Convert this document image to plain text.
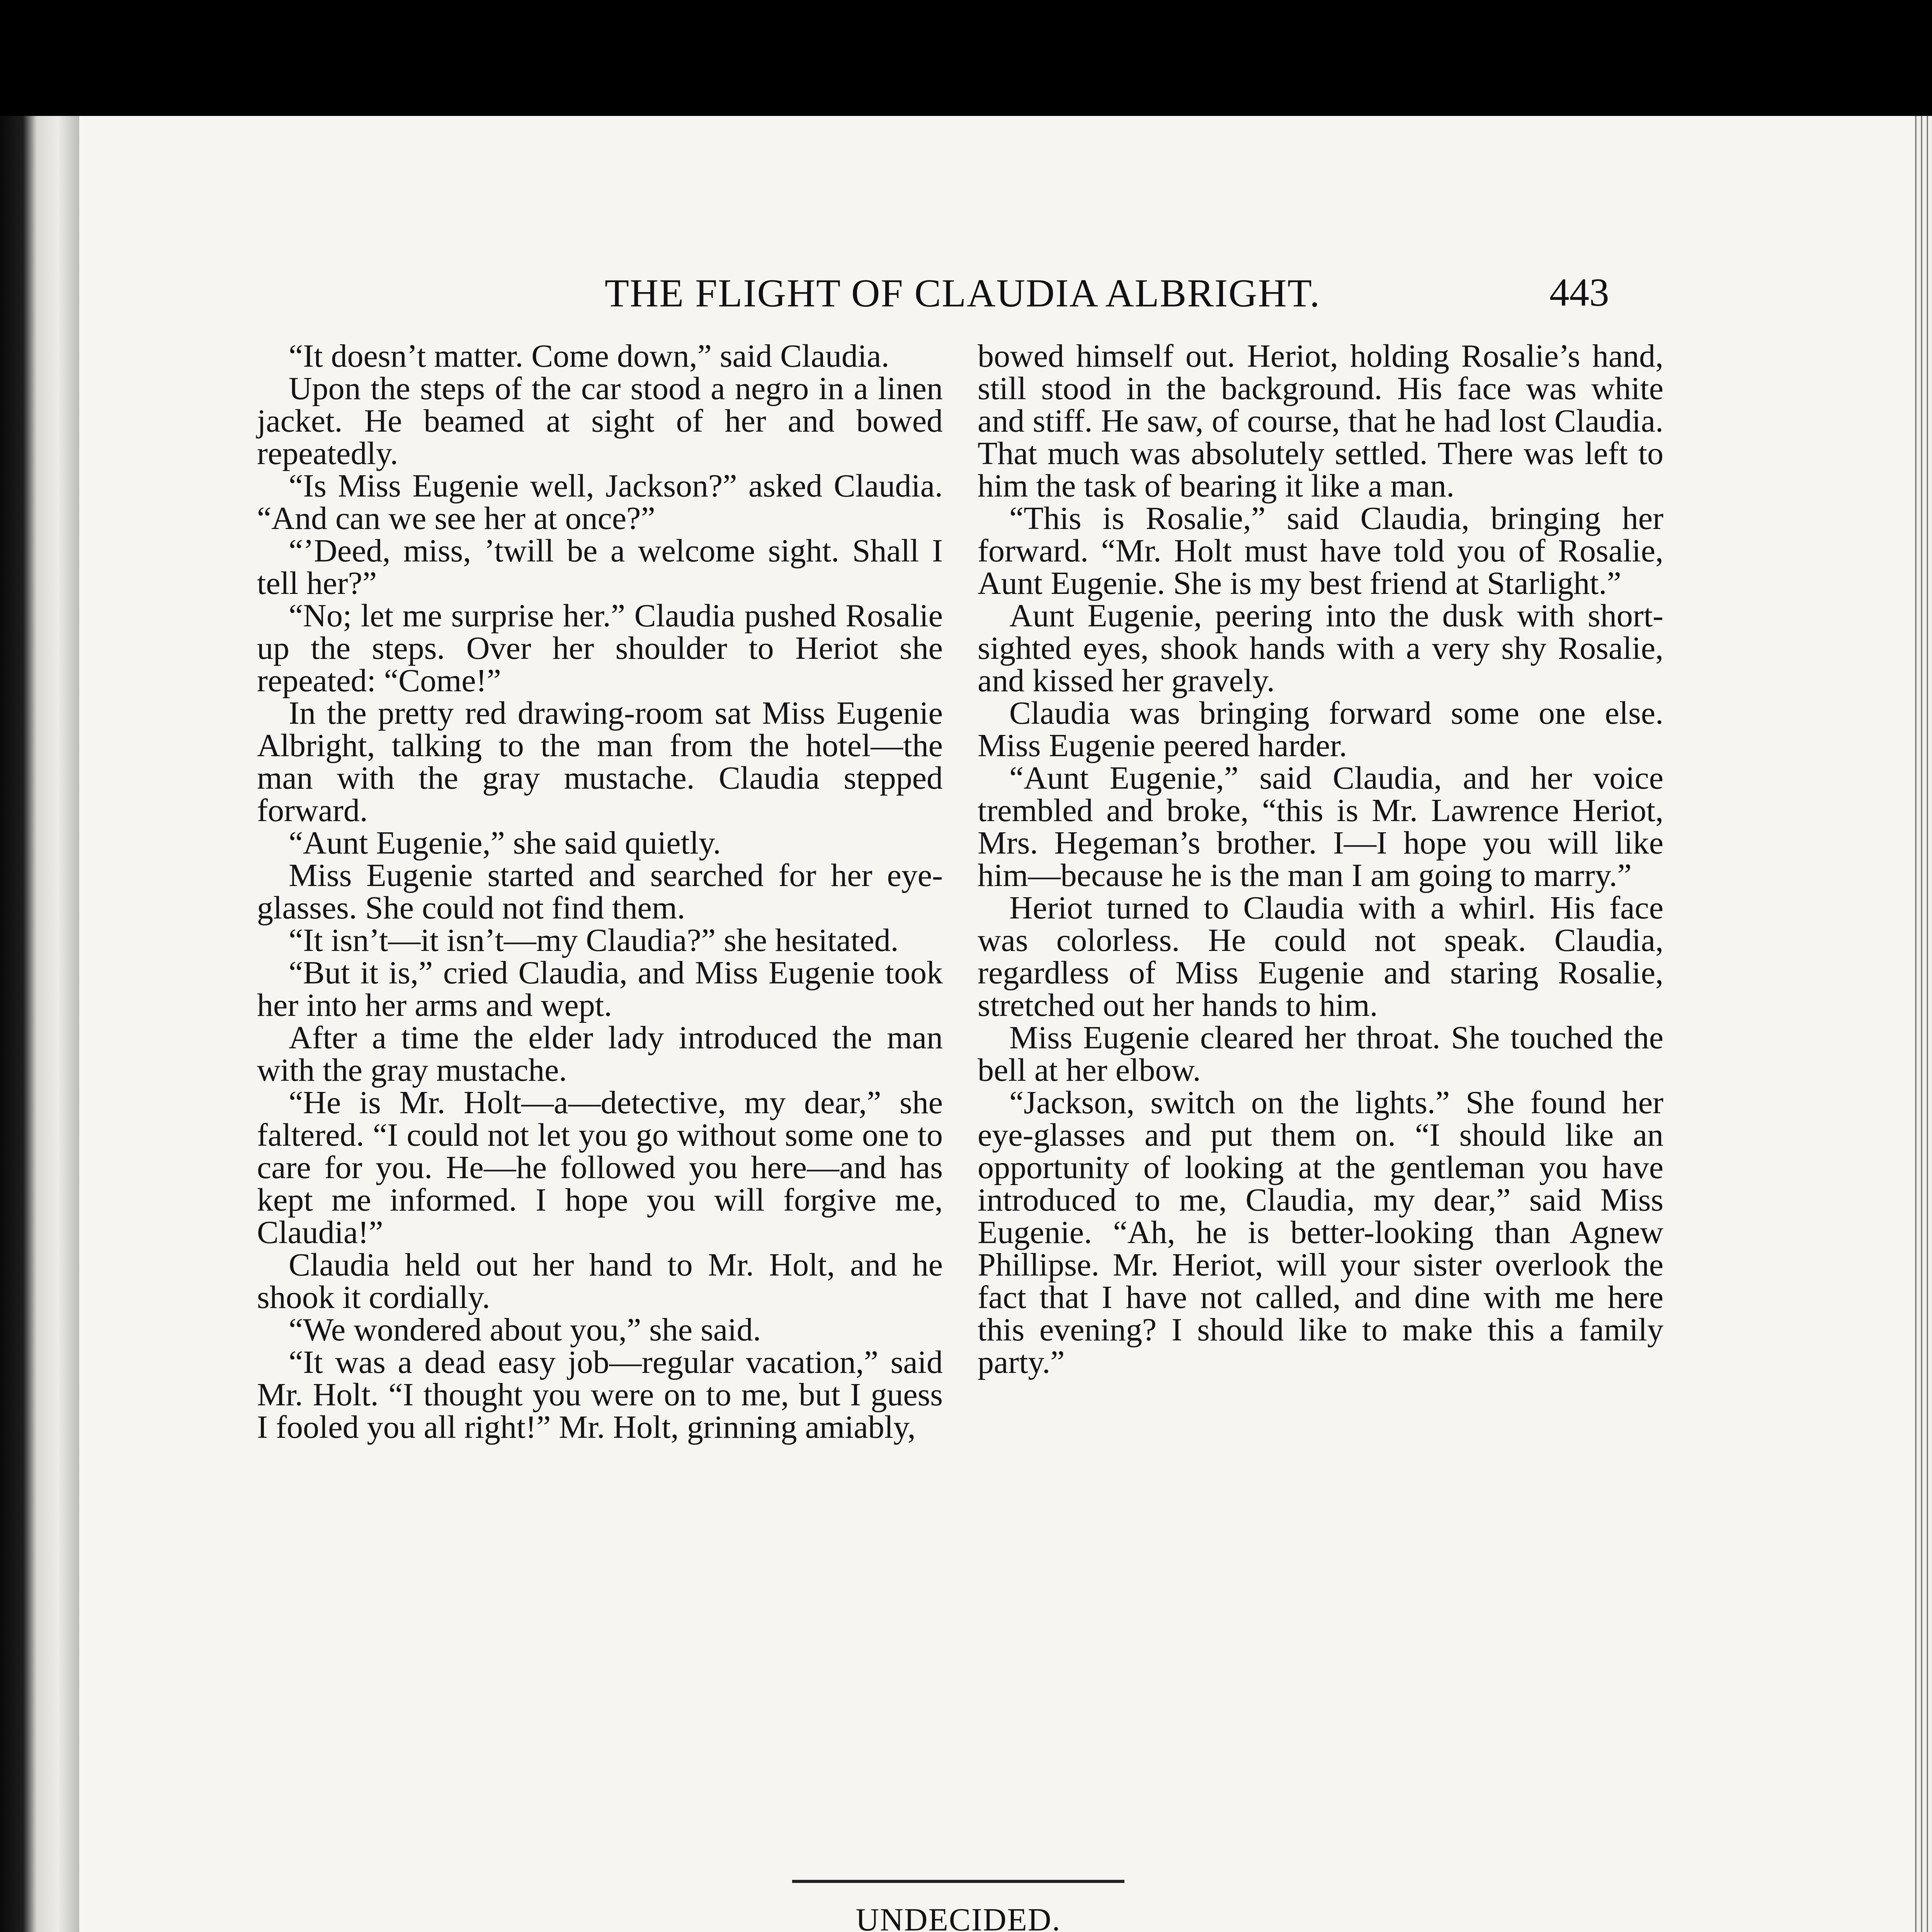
THE FLIGHT OF CLAUDIA ALBRIGHT.	443

“It doesn’t matter. Come down,” said Claudia.

Upon the steps of the car stood a negro in a linen jacket. He beamed at sight of her and bowed repeatedly.

“Is Miss Eugenie well, Jackson?” asked Claudia. “And can we see her at once?”

“’Deed, miss, ’twill be a welcome sight. Shall I tell her?”

“No; let me surprise her.” Claudia pushed Rosalie up the steps. Over her shoulder to Heriot she repeated: “Come!”

In the pretty red drawing-room sat Miss Eugenie Albright, talking to the man from the hotel—the man with the gray mustache. Claudia stepped forward.

“Aunt Eugenie,” she said quietly.

Miss Eugenie started and searched for her eye-glasses. She could not find them.

“It isn’t—it isn’t—my Claudia?” she hesitated.

“But it is,” cried Claudia, and Miss Eugenie took her into her arms and wept.

After a time the elder lady introduced the man with the gray mustache.

“He is Mr. Holt—a—detective, my dear,” she faltered. “I could not let you go without some one to care for you. He—he followed you here—and has kept me informed. I hope you will forgive me, Claudia!”

Claudia held out her hand to Mr. Holt, and he shook it cordially.

“We wondered about you,” she said.

“It was a dead easy job—regular vacation,” said Mr. Holt. “I thought you were on to me, but I guess I fooled you all right!” Mr. Holt, grinning amiably,

bowed himself out. Heriot, holding Rosalie’s hand, still stood in the background. His face was white and stiff. He saw, of course, that he had lost Claudia. That much was absolutely settled. There was left to him the task of bearing it like a man.

“This is Rosalie,” said Claudia, bringing her forward. “Mr. Holt must have told you of Rosalie, Aunt Eugenie. She is my best friend at Starlight.”

Aunt Eugenie, peering into the dusk with short-sighted eyes, shook hands with a very shy Rosalie, and kissed her gravely.

Claudia was bringing forward some one else. Miss Eugenie peered harder.

“Aunt Eugenie,” said Claudia, and her voice trembled and broke, “this is Mr. Lawrence Heriot, Mrs. Hegeman’s brother. I—I hope you will like him—because he is the man I am going to marry.”

Heriot turned to Claudia with a whirl. His face was colorless. He could not speak. Claudia, regardless of Miss Eugenie and staring Rosalie, stretched out her hands to him.

Miss Eugenie cleared her throat. She touched the bell at her elbow.

“Jackson, switch on the lights.” She found her eye-glasses and put them on. “I should like an opportunity of looking at the gentleman you have introduced to me, Claudia, my dear,” said Miss Eugenie. “Ah, he is better-looking than Agnew Phillipse. Mr. Heriot, will your sister overlook the fact that I have not called, and dine with me here this evening? I should like to make this a family party.”

UNDECIDED.
